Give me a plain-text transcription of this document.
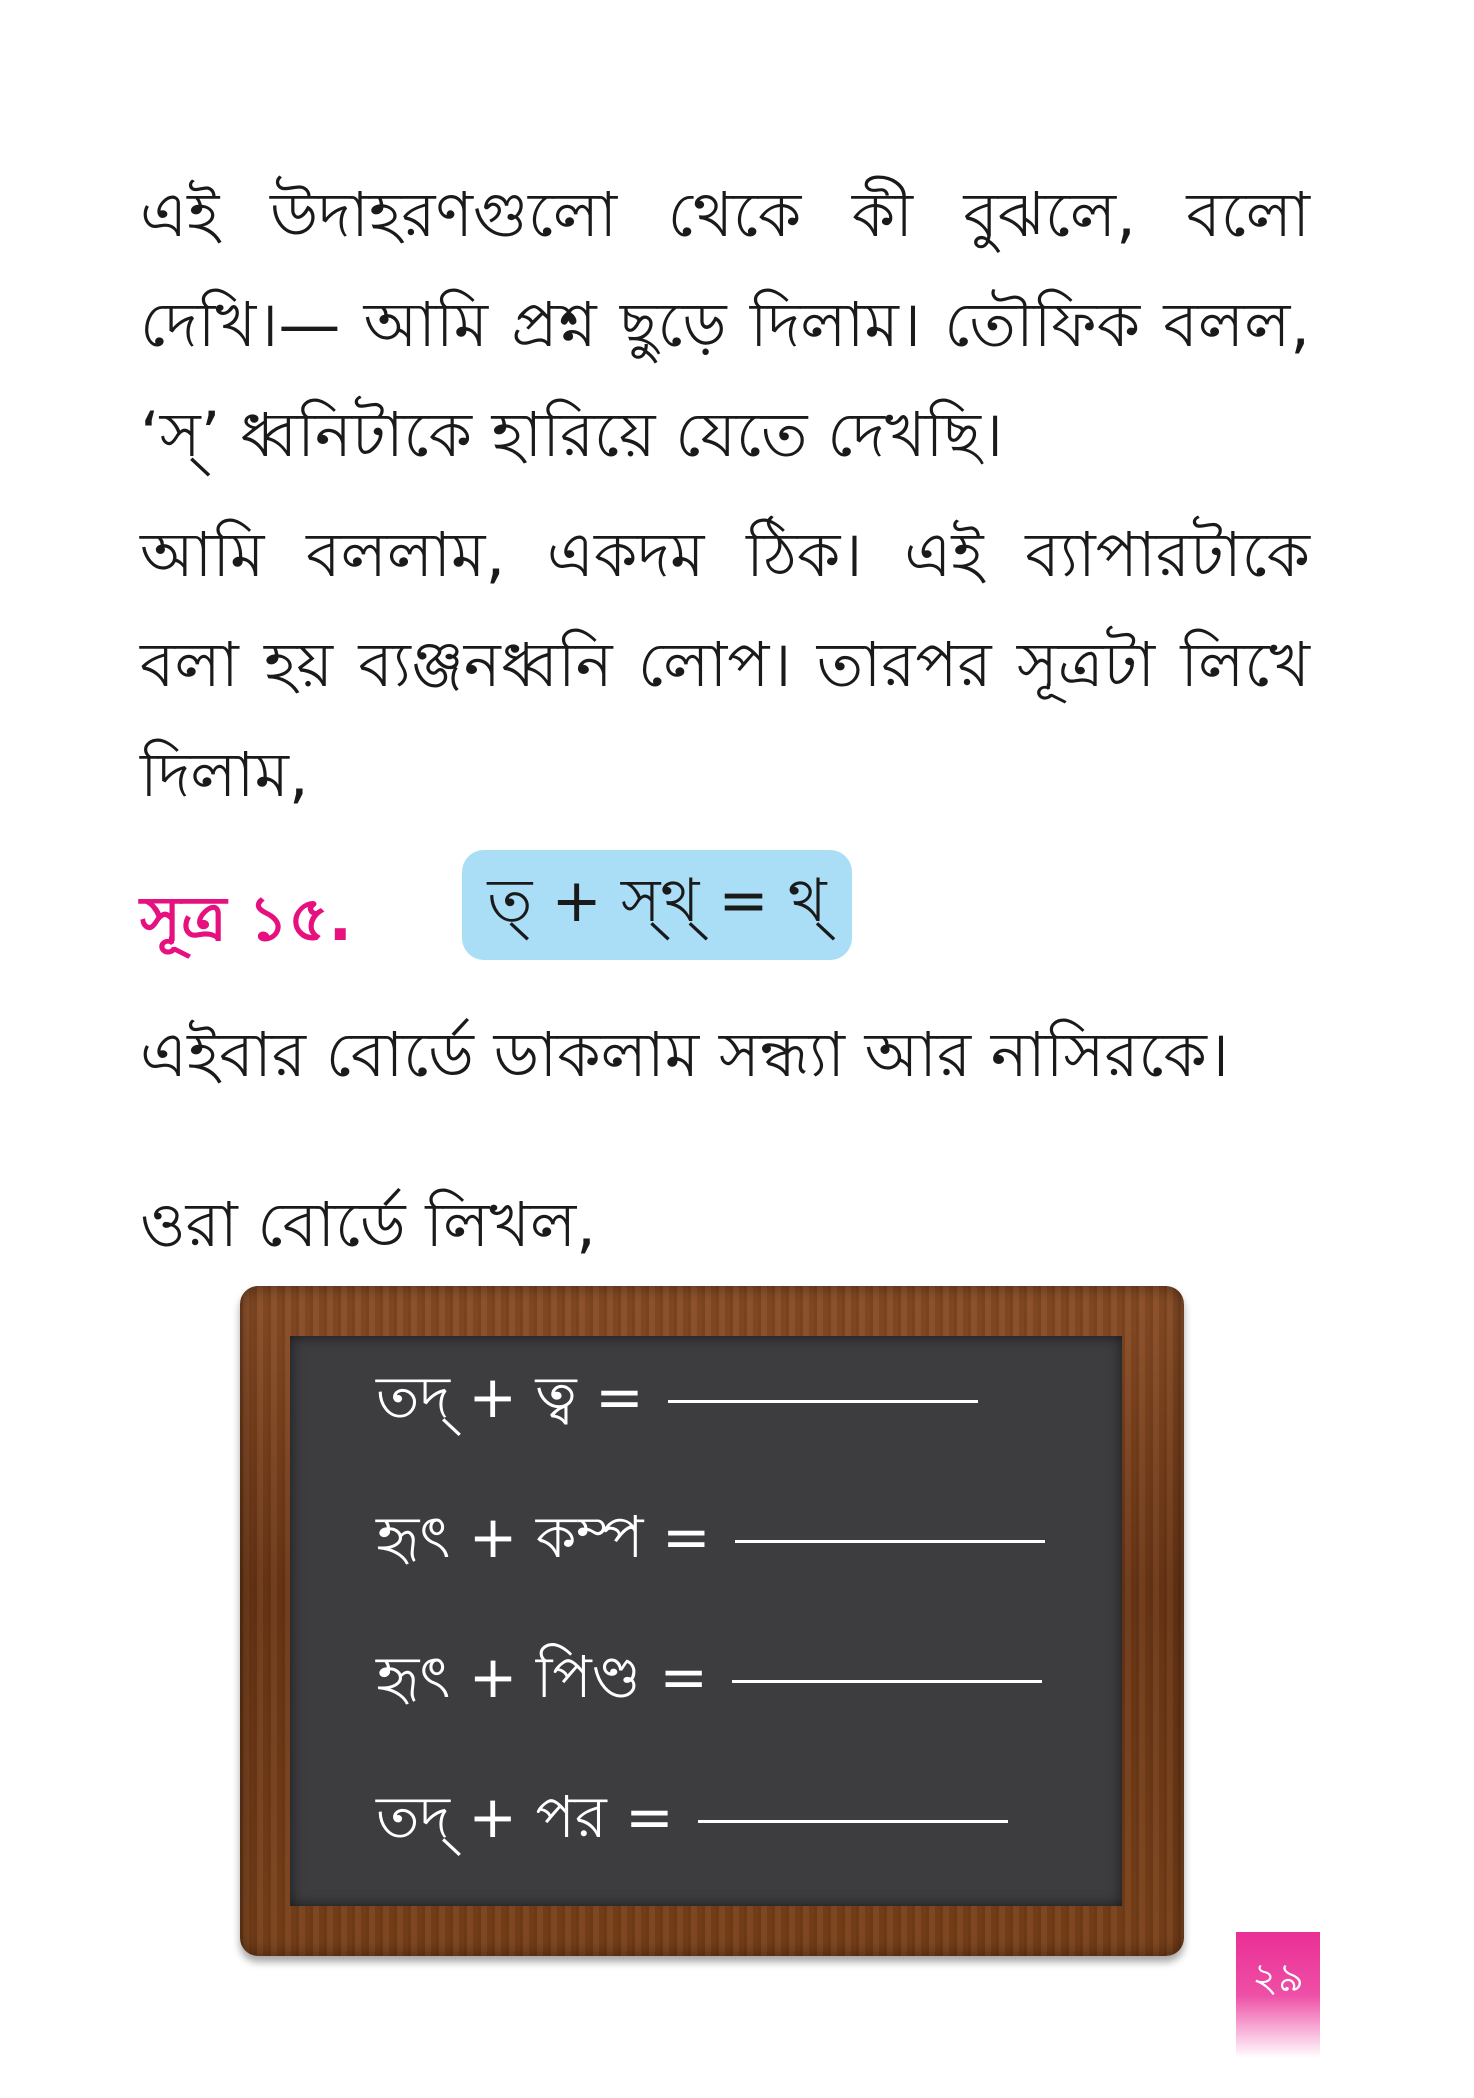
এই উদাহরণগুলো থেকে কী বুঝলে, বলো দেখি।— আমি প্রশ্ন ছুড়ে দিলাম। তৌফিক বলল, ‘স্’ ধ্বনিটাকে হারিয়ে যেতে দেখছি।

আমি বললাম, একদম ঠিক। এই ব্যাপারটাকে বলা হয় ব্যঞ্জনধ্বনি লোপ। তারপর সূত্রটা লিখে দিলাম,

সূত্র ১৫. ত্ + স্থ্ = থ্

এইবার বোর্ডে ডাকলাম সন্ধ্যা আর নাসিরকে।

ওরা বোর্ডে লিখল,

তদ্ + ত্ব =
হৃৎ + কম্প =
হৃৎ + পিণ্ড =
তদ্ + পর =
২৯
